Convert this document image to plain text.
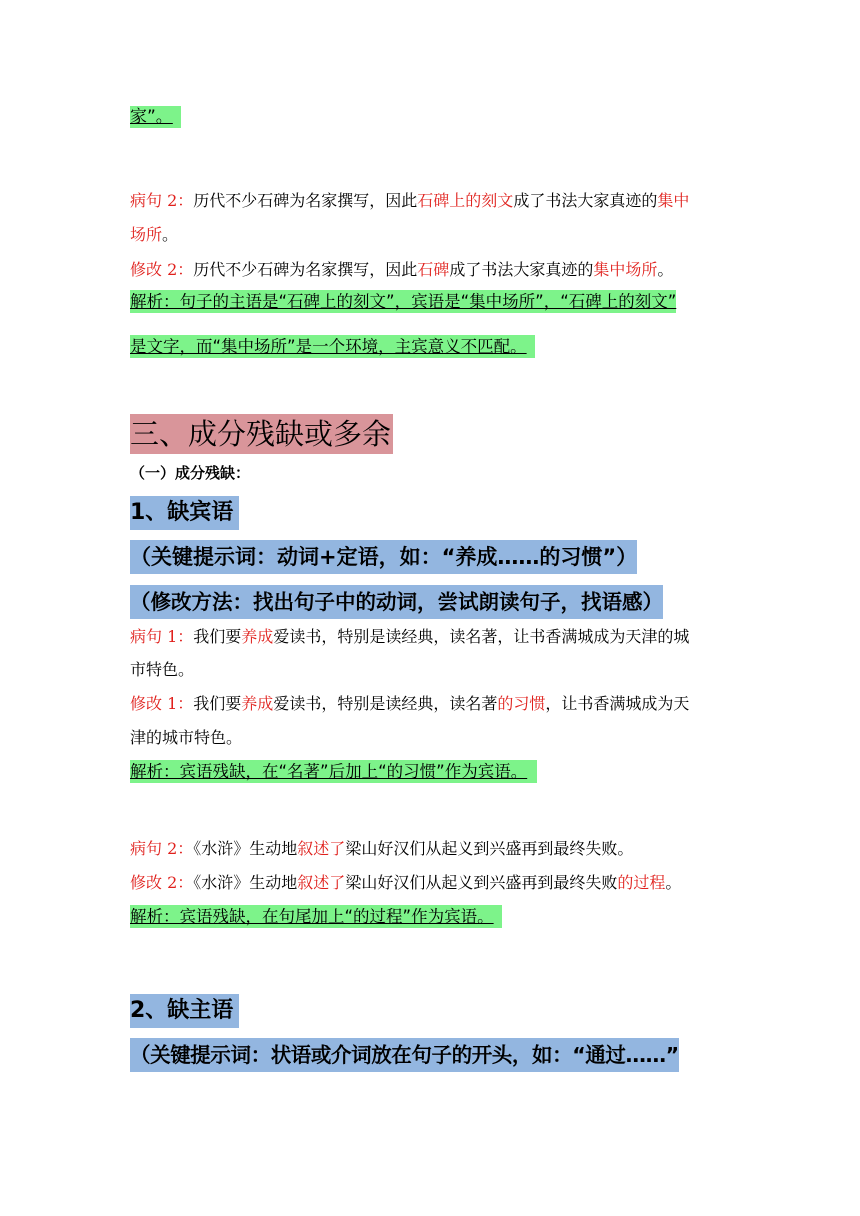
家”。
病句 2：历代不少石碑为名家撰写，因此石碑上的刻文成了书法大家真迹的集中
场所。
修改 2：历代不少石碑为名家撰写，因此石碑成了书法大家真迹的集中场所。
解析：句子的主语是“石碑上的刻文”，宾语是“集中场所”，“石碑上的刻文”
是文字，而“集中场所”是一个环境，主宾意义不匹配。
三、成分残缺或多余
（一）成分残缺：
1、缺宾语
（关键提示词：动词+定语，如：“养成……的习惯”）
（修改方法：找出句子中的动词，尝试朗读句子，找语感）
病句 1：我们要养成爱读书，特别是读经典，读名著，让书香满城成为天津的城
市特色。
修改 1：我们要养成爱读书，特别是读经典，读名著的习惯，让书香满城成为天
津的城市特色。
解析：宾语残缺，在“名著”后加上“的习惯”作为宾语。
病句 2：《水浒》生动地叙述了梁山好汉们从起义到兴盛再到最终失败。
修改 2：《水浒》生动地叙述了梁山好汉们从起义到兴盛再到最终失败的过程。
解析：宾语残缺，在句尾加上“的过程”作为宾语。
2、缺主语
（关键提示词：状语或介词放在句子的开头，如：“通过……”
